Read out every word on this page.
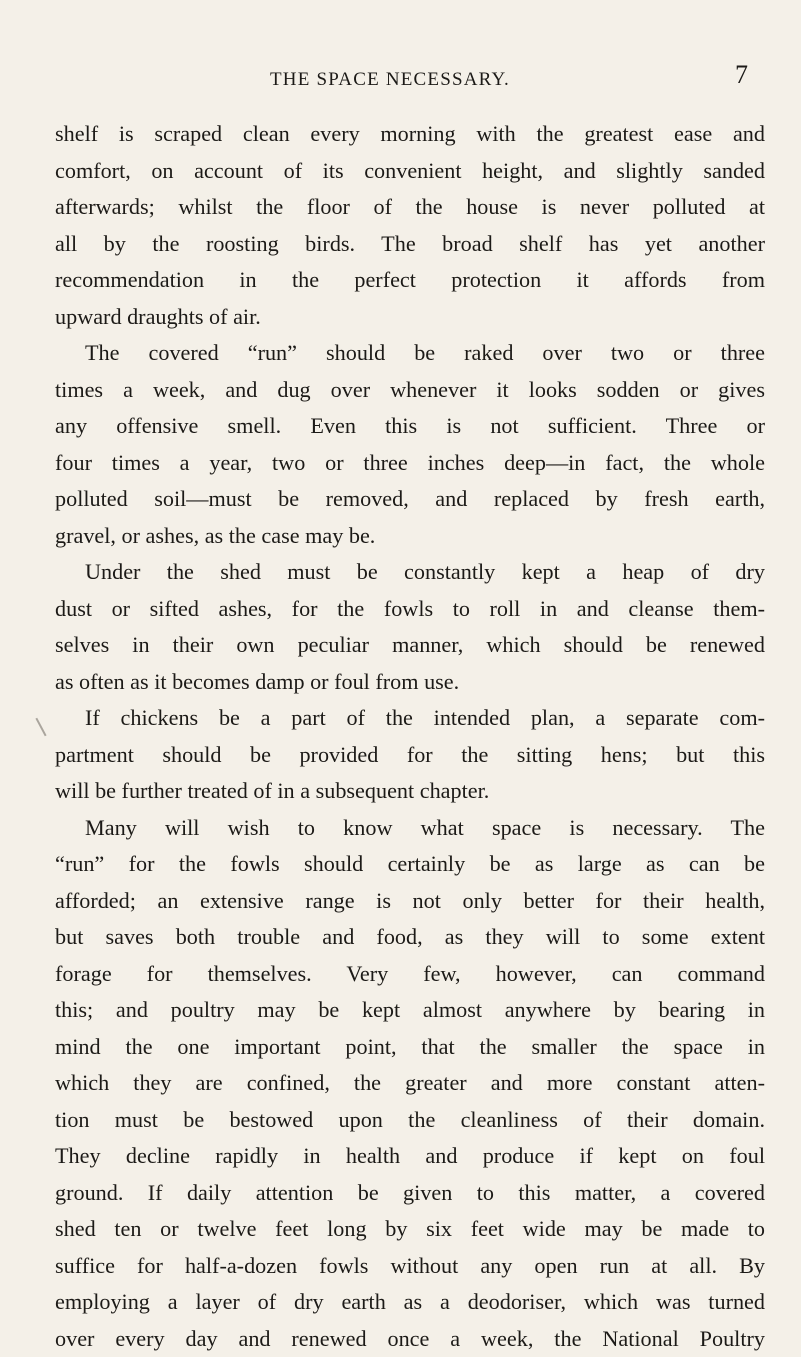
THE SPACE NECESSARY.	7
shelf is scraped clean every morning with the greatest ease and
comfort, on account of its convenient height, and slightly sanded
afterwards; whilst the floor of the house is never polluted at
all by the roosting birds. The broad shelf has yet another
recommendation in the perfect protection it affords from
upward draughts of air.
The covered “run” should be raked over two or three
times a week, and dug over whenever it looks sodden or gives
any offensive smell. Even this is not sufficient. Three or
four times a year, two or three inches deep—in fact, the whole
polluted soil—must be removed, and replaced by fresh earth,
gravel, or ashes, as the case may be.
Under the shed must be constantly kept a heap of dry
dust or sifted ashes, for the fowls to roll in and cleanse them-
selves in their own peculiar manner, which should be renewed
as often as it becomes damp or foul from use.
If chickens be a part of the intended plan, a separate com-
partment should be provided for the sitting hens; but this
will be further treated of in a subsequent chapter.
Many will wish to know what space is necessary. The
“run” for the fowls should certainly be as large as can be
afforded; an extensive range is not only better for their health,
but saves both trouble and food, as they will to some extent
forage for themselves. Very few, however, can command
this; and poultry may be kept almost anywhere by bearing in
mind the one important point, that the smaller the space in
which they are confined, the greater and more constant atten-
tion must be bestowed upon the cleanliness of their domain.
They decline rapidly in health and produce if kept on foul
ground. If daily attention be given to this matter, a covered
shed ten or twelve feet long by six feet wide may be made to
suffice for half-a-dozen fowls without any open run at all. By
employing a layer of dry earth as a deodoriser, which was turned
over every day and renewed once a week, the National Poultry
